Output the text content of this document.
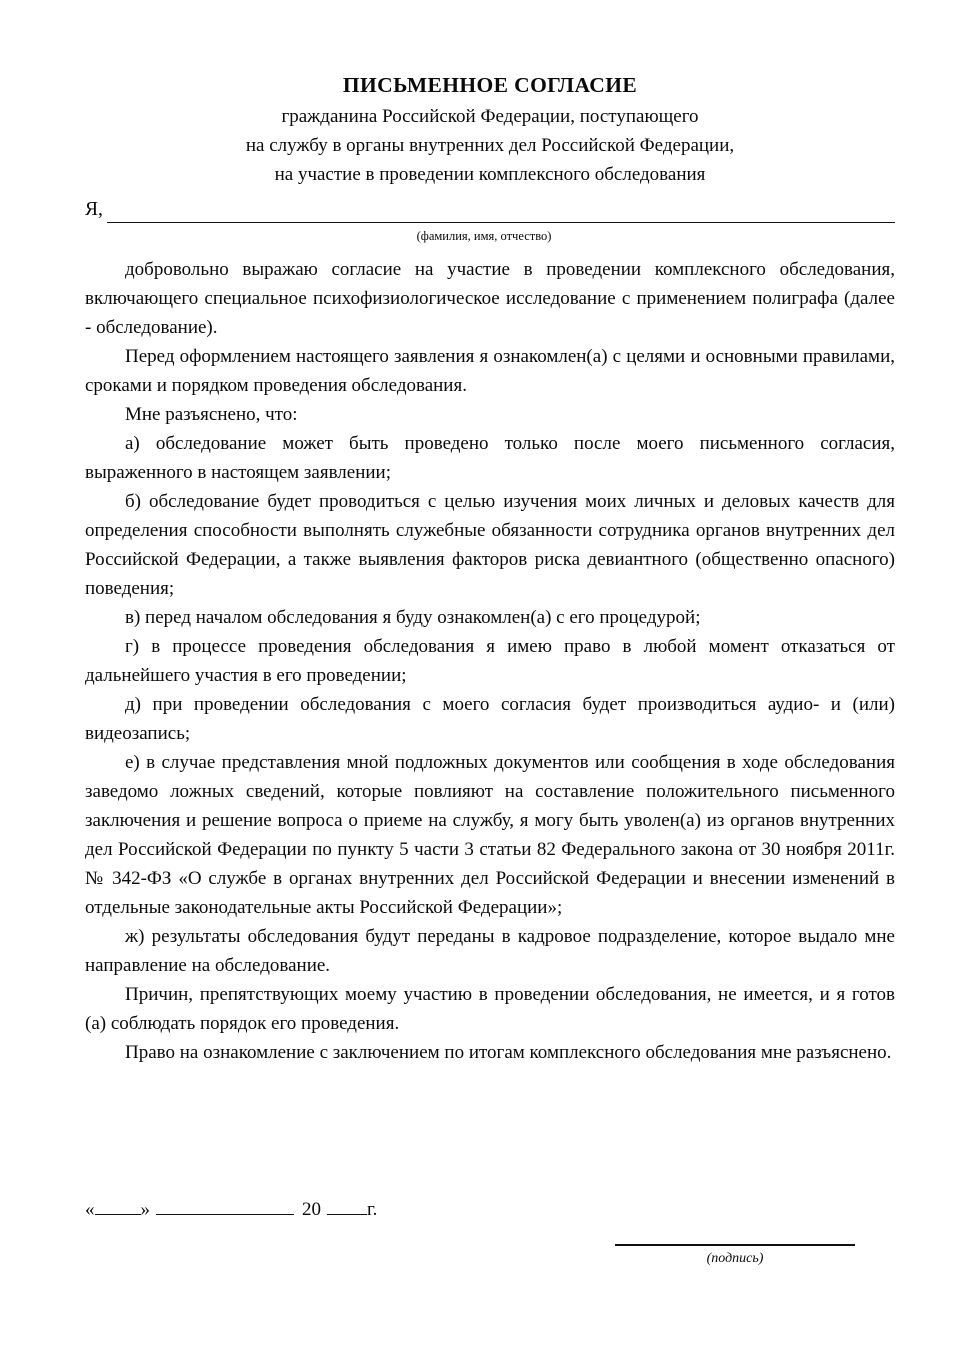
ПИСЬМЕННОЕ СОГЛАСИЕ
гражданина Российской Федерации, поступающего
на службу в органы внутренних дел Российской Федерации,
на участие в проведении комплексного обследования
Я,
(фамилия, имя, отчество)

добровольно выражаю согласие на участие в проведении комплексного обследования, включающего специальное психофизиологическое исследование с применением полиграфа (далее - обследование).

Перед оформлением настоящего заявления я ознакомлен(а) с целями и основными правилами, сроками и порядком проведения обследования.

Мне разъяснено, что:

а) обследование может быть проведено только после моего письменного согласия, выраженного в настоящем заявлении;

б) обследование будет проводиться с целью изучения моих личных и деловых качеств для определения способности выполнять служебные обязанности сотрудника органов внутренних дел Российской Федерации, а также выявления факторов риска девиантного (общественно опасного) поведения;

в) перед началом обследования я буду ознакомлен(а) с его процедурой;

г) в процессе проведения обследования я имею право в любой момент отказаться от дальнейшего участия в его проведении;

д) при проведении обследования с моего согласия будет производиться аудио- и (или) видеозапись;

е) в случае представления мной подложных документов или сообщения в ходе обследования заведомо ложных сведений, которые повлияют на составление положительного письменного заключения и решение вопроса о приеме на службу, я могу быть уволен(а) из органов внутренних дел Российской Федерации по пункту 5 части 3 статьи 82 Федерального закона от 30 ноября 2011г. № 342-ФЗ «О службе в органах внутренних дел Российской Федерации и внесении изменений в отдельные законодательные акты Российской Федерации»;

ж) результаты обследования будут переданы в кадровое подразделение, которое выдало мне направление на обследование.

Причин, препятствующих моему участию в проведении обследования, не имеется, и я готов (а) соблюдать порядок его проведения.

Право на ознакомление с заключением по итогам комплексного обследования мне разъяснено.

« »	20 г.
(подпись)
